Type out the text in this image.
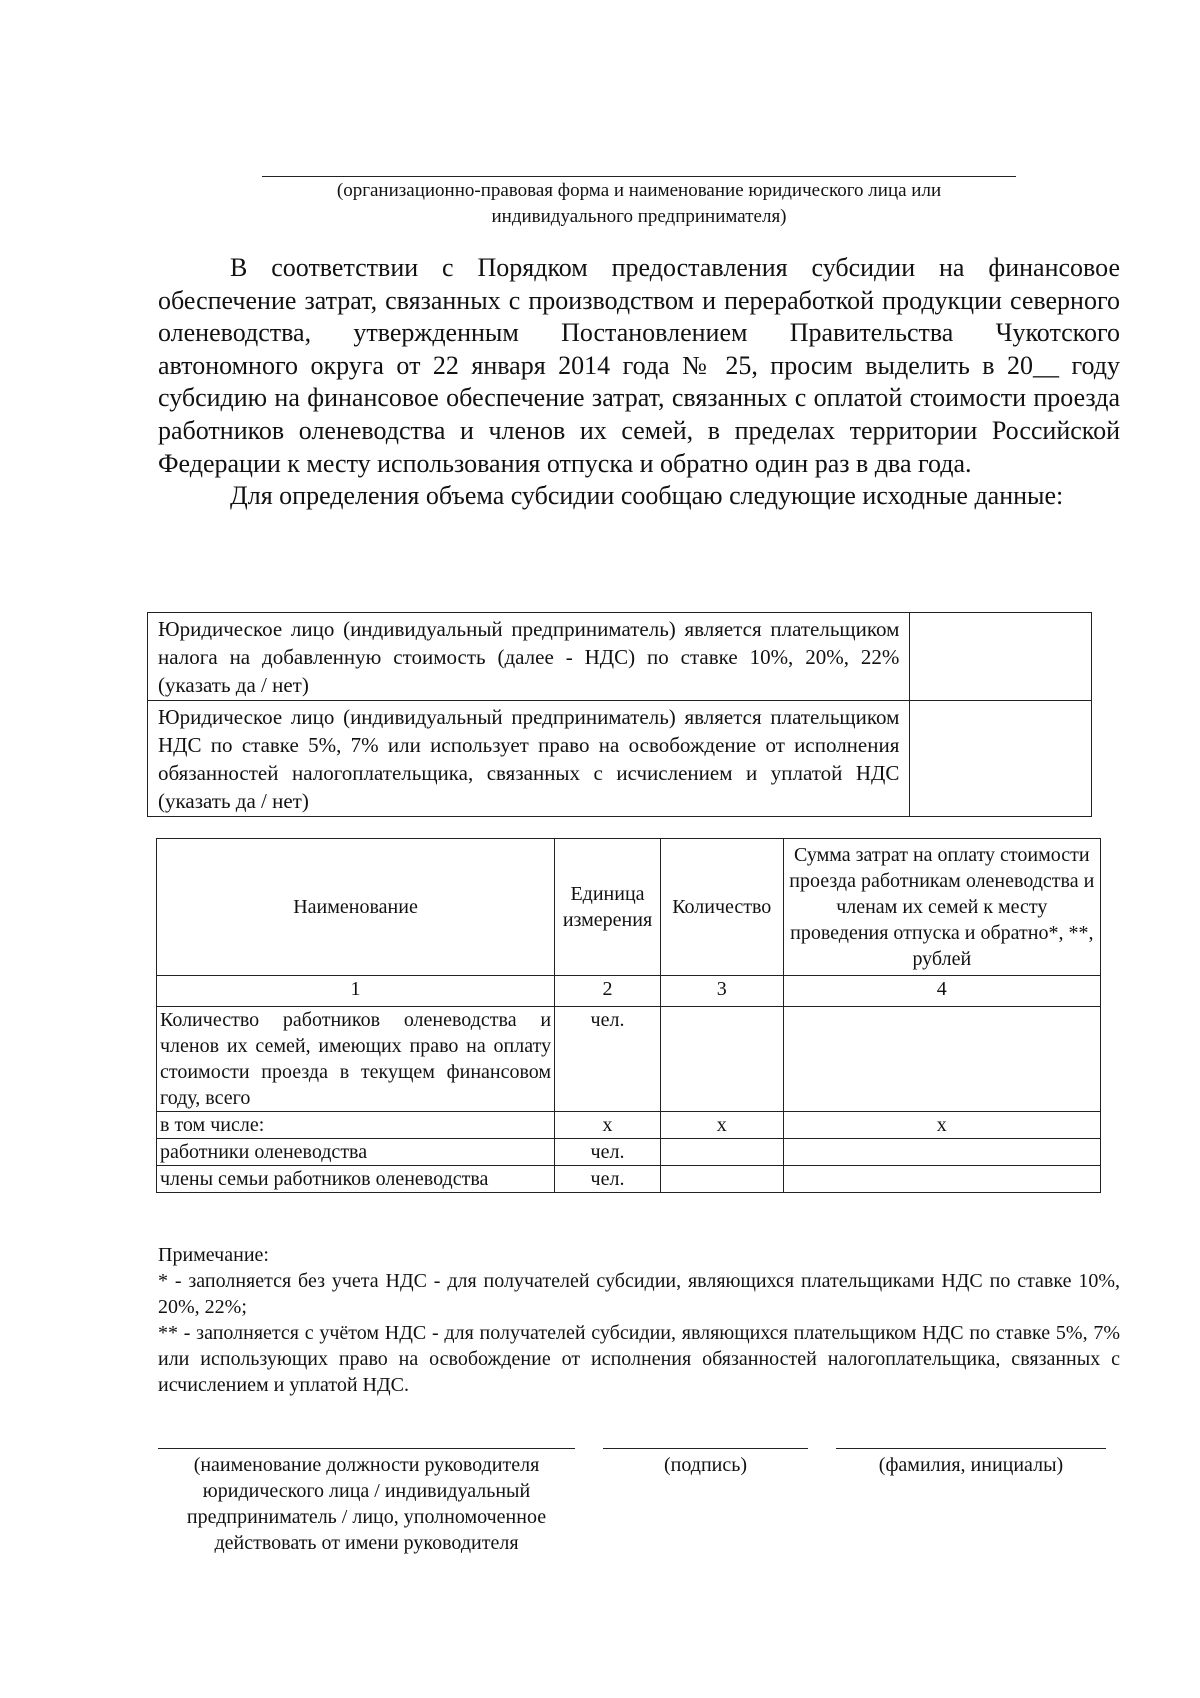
(организационно-правовая форма и наименование юридического лица или
индивидуального предпринимателя)

В соответствии с Порядком предоставления субсидии на финансовое обеспечение затрат, связанных с производством и переработкой продукции северного оленеводства, утвержденным Постановлением Правительства Чукотского автономного округа от 22 января 2014 года № 25, просим выделить в 20__ году субсидию на финансовое обеспечение затрат, связанных с оплатой стоимости проезда работников оленеводства и членов их семей, в пределах территории Российской Федерации к месту использования отпуска и обратно один раз в два года.

Для определения объема субсидии сообщаю следующие исходные данные:

Юридическое лицо (индивидуальный предприниматель) является плательщиком налога на добавленную стоимость (далее - НДС) по ставке 10%, 20%, 22% (указать да / нет)	
Юридическое лицо (индивидуальный предприниматель) является плательщиком НДС по ставке 5%, 7% или использует право на освобождение от исполнения обязанностей налогоплательщика, связанных с исчислением и уплатой НДС (указать да / нет)	
Наименование	Единица измерения	Количество	Сумма затрат на оплату стоимости проезда работникам оленеводства и членам их семей к месту проведения отпуска и обратно*, **, рублей
1	2	3	4
Количество работников оленеводства и членов их семей, имеющих право на оплату стоимости проезда в текущем финансовом году, всего	чел.		
в том числе:	х	х	х
работники оленеводства	чел.		
члены семьи работников оленеводства	чел.		

Примечание:

* - заполняется без учета НДС - для получателей субсидии, являющихся плательщиками НДС по ставке 10%, 20%, 22%;

** - заполняется с учётом НДС - для получателей субсидии, являющихся плательщиком НДС по ставке 5%, 7% или использующих право на освобождение от исполнения обязанностей налогоплательщика, связанных с исчислением и уплатой НДС.

(наименование должности руководителя
юридического лица / индивидуальный
предприниматель / лицо, уполномоченное
действовать от имени руководителя
(подпись)	(фамилия, инициалы)
